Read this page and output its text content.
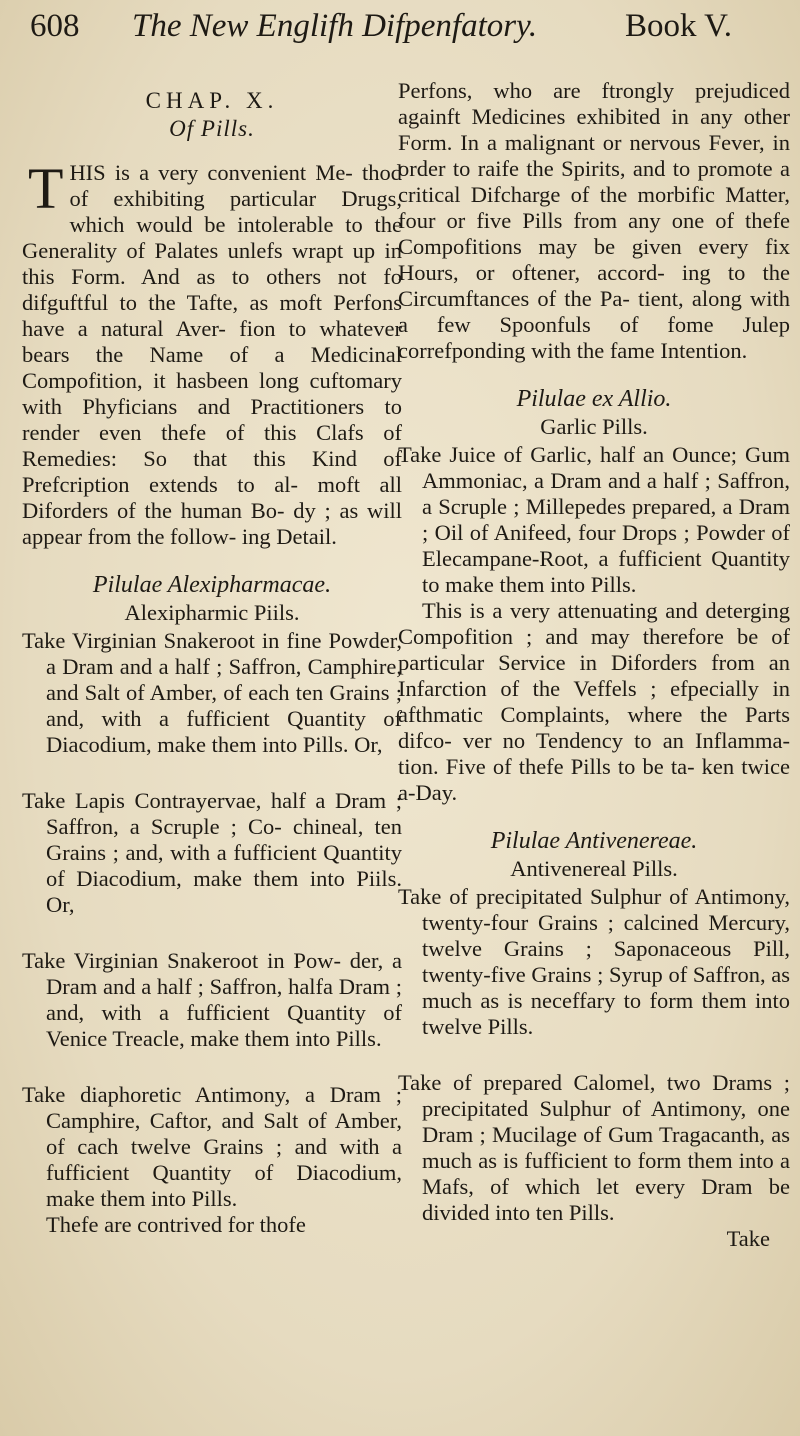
608 The New Englifh Difpenfatory.	Book V.
CHAP. X.
Of Pills.

THIS is a very convenient Me- thod of exhibiting particular Drugs, which would be intolerable to the Generality of Palates unlefs wrapt up in this Form. And as to others not fo difguftful to the Tafte, as moft Perfons have a natural Aver- fion to whatever bears the Name of a Medicinal Compofition, it hasbeen long cuftomary with Phyficians and Practitioners to render even thefe of this Clafs of Remedies: So that this Kind of Prefcription extends to al- moft all Diforders of the human Bo- dy ; as will appear from the follow- ing Detail.

Pilulae Alexipharmacae.
Alexipharmic Piils.

Take Virginian Snakeroot in fine Powder, a Dram and a half ; Saffron, Camphire, and Salt of Amber, of each ten Grains ; and, with a fufficient Quantity of Diacodium, make them into Pills. Or,

Take Lapis Contrayervae, half a Dram ; Saffron, a Scruple ; Co- chineal, ten Grains ; and, with a fufficient Quantity of Diacodium, make them into Piils. Or,

Take Virginian Snakeroot in Pow- der, a Dram and a half ; Saffron, halfa Dram ; and, with a fufficient Quantity of Venice Treacle, make them into Pills.

Take diaphoretic Antimony, a Dram ; Camphire, Caftor, and Salt of Amber, of cach twelve Grains ; and with a fufficient Quantity of Diacodium, make them into Pills.

Thefe are contrived for thofe

Perfons, who are ftrongly prejudiced againft Medicines exhibited in any other Form. In a malignant or nervous Fever, in order to raife the Spirits, and to promote a critical Difcharge of the morbific Matter, four or five Pills from any one of thefe Compofitions may be given every fix Hours, or oftener, accord- ing to the Circumftances of the Pa- tient, along with a few Spoonfuls of fome Julep correfponding with the fame Intention.

Pilulae ex Allio.
Garlic Pills.

Take Juice of Garlic, half an Ounce; Gum Ammoniac, a Dram and a half ; Saffron, a Scruple ; Millepedes prepared, a Dram ; Oil of Anifeed, four Drops ; Powder of Elecampane-Root, a fufficient Quantity to make them into Pills.

This is a very attenuating and deterging Compofition ; and may therefore be of particular Service in Diforders from an Infarction of the Veffels ; efpecially in afthmatic Complaints, where the Parts difco- ver no Tendency to an Inflamma- tion. Five of thefe Pills to be ta- ken twice a-Day.

Pilulae Antivenereae.
Antivenereal Pills.

Take of precipitated Sulphur of Antimony, twenty-four Grains ; calcined Mercury, twelve Grains ; Saponaceous Pill, twenty-five Grains ; Syrup of Saffron, as much as is neceffary to form them into twelve Pills.

Take of prepared Calomel, two Drams ; precipitated Sulphur of Antimony, one Dram ; Mucilage of Gum Tragacanth, as much as is fufficient to form them into a Mafs, of which let every Dram be divided into ten Pills.

Take
